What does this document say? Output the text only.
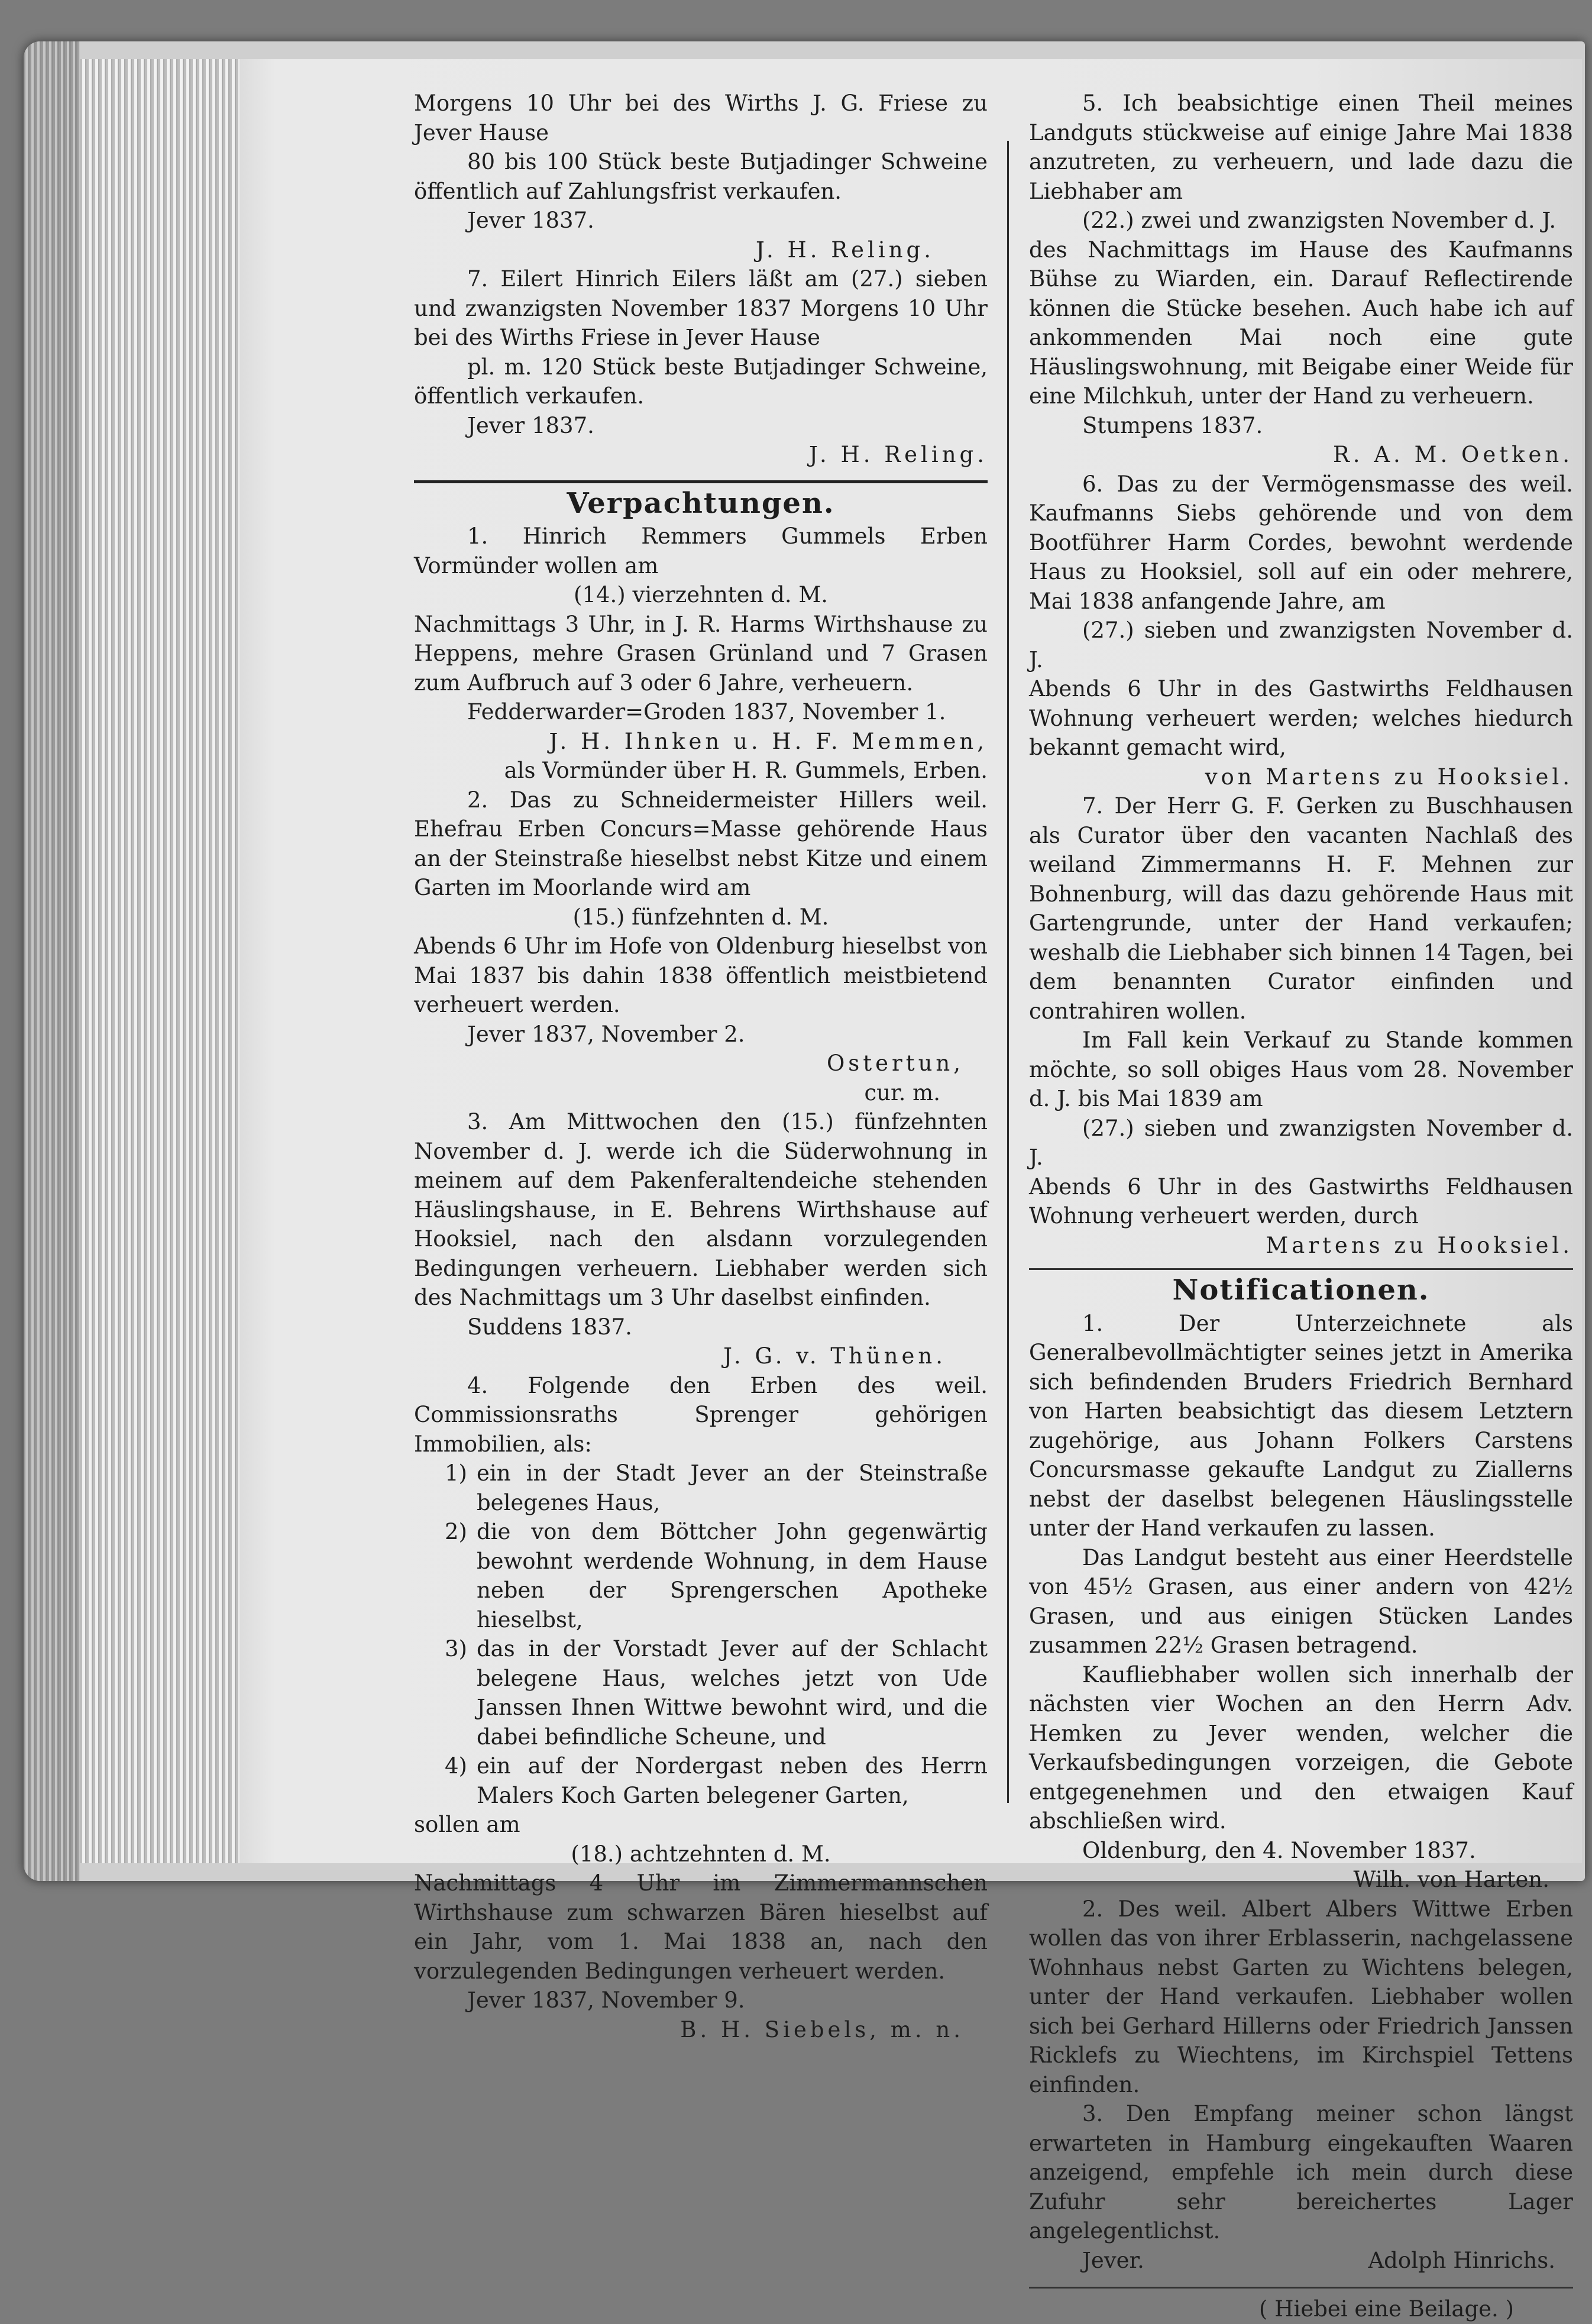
Morgens 10 Uhr bei des Wirths J. G. Friese zu Jever Hause

80 bis 100 Stück beste Butjadinger Schweine öffentlich auf Zahlungsfrist verkaufen.

Jever 1837.

J. H. Reling.

7. Eilert Hinrich Eilers läßt am (27.) sieben und zwanzigsten November 1837 Morgens 10 Uhr bei des Wirths Friese in Jever Hause

pl. m. 120 Stück beste Butjadinger Schweine, öffentlich verkaufen.

Jever 1837.

J. H. Reling.

Verpachtungen.

1. Hinrich Remmers Gummels Erben Vormünder wollen am

(14.) vierzehnten d. M.

Nachmittags 3 Uhr, in J. R. Harms Wirthshause zu Heppens, mehre Grasen Grünland und 7 Grasen zum Aufbruch auf 3 oder 6 Jahre, verheuern.

Fedderwarder=Groden 1837, November 1.

J. H. Ihnken u. H. F. Memmen,

als Vormünder über H. R. Gummels, Erben.

2. Das zu Schneidermeister Hillers weil. Ehefrau Erben Concurs=Masse gehörende Haus an der Steinstraße hieselbst nebst Kitze und einem Garten im Moorlande wird am

(15.) fünfzehnten d. M.

Abends 6 Uhr im Hofe von Oldenburg hieselbst von Mai 1837 bis dahin 1838 öffentlich meistbietend verheuert werden.

Jever 1837, November 2.

Ostertun,

cur. m.

3. Am Mittwochen den (15.) fünfzehnten November d. J. werde ich die Süderwohnung in meinem auf dem Pakenferaltendeiche stehenden Häuslingshause, in E. Behrens Wirthshause auf Hooksiel, nach den alsdann vorzulegenden Bedingungen verheuern. Liebhaber werden sich des Nachmittags um 3 Uhr daselbst einfinden.

Suddens 1837.

J. G. v. Thünen.

4. Folgende den Erben des weil. Commissionsraths Sprenger gehörigen Immobilien, als:

1) ein in der Stadt Jever an der Steinstraße belegenes Haus,
2) die von dem Böttcher John gegenwärtig bewohnt werdende Wohnung, in dem Hause neben der Sprengerschen Apotheke hieselbst,
3) das in der Vorstadt Jever auf der Schlacht belegene Haus, welches jetzt von Ude Janssen Ihnen Wittwe bewohnt wird, und die dabei befindliche Scheune, und
4) ein auf der Nordergast neben des Herrn Malers Koch Garten belegener Garten,

sollen am

(18.) achtzehnten d. M.

Nachmittags 4 Uhr im Zimmermannschen Wirthshause zum schwarzen Bären hieselbst auf ein Jahr, vom 1. Mai 1838 an, nach den vorzulegenden Bedingungen verheuert werden.

Jever 1837, November 9.

B. H. Siebels, m. n.

5. Ich beabsichtige einen Theil meines Landguts stückweise auf einige Jahre Mai 1838 anzutreten, zu verheuern, und lade dazu die Liebhaber am

(22.) zwei und zwanzigsten November d. J.

des Nachmittags im Hause des Kaufmanns Bühse zu Wiarden, ein. Darauf Reflectirende können die Stücke besehen. Auch habe ich auf ankommenden Mai noch eine gute Häuslingswohnung, mit Beigabe einer Weide für eine Milchkuh, unter der Hand zu verheuern.

Stumpens 1837.

R. A. M. Oetken.

6. Das zu der Vermögensmasse des weil. Kaufmanns Siebs gehörende und von dem Bootführer Harm Cordes, bewohnt werdende Haus zu Hooksiel, soll auf ein oder mehrere, Mai 1838 anfangende Jahre, am

(27.) sieben und zwanzigsten November d. J.

Abends 6 Uhr in des Gastwirths Feldhausen Wohnung verheuert werden; welches hiedurch bekannt gemacht wird,

von Martens zu Hooksiel.

7. Der Herr G. F. Gerken zu Buschhausen als Curator über den vacanten Nachlaß des weiland Zimmermanns H. F. Mehnen zur Bohnenburg, will das dazu gehörende Haus mit Gartengrunde, unter der Hand verkaufen; weshalb die Liebhaber sich binnen 14 Tagen, bei dem benannten Curator einfinden und contrahiren wollen.

Im Fall kein Verkauf zu Stande kommen möchte, so soll obiges Haus vom 28. November d. J. bis Mai 1839 am

(27.) sieben und zwanzigsten November d. J.

Abends 6 Uhr in des Gastwirths Feldhausen Wohnung verheuert werden, durch

Martens zu Hooksiel.

Notificationen.

1. Der Unterzeichnete als Generalbevollmächtigter seines jetzt in Amerika sich befindenden Bruders Friedrich Bernhard von Harten beabsichtigt das diesem Letztern zugehörige, aus Johann Folkers Carstens Concursmasse gekaufte Landgut zu Ziallerns nebst der daselbst belegenen Häuslingsstelle unter der Hand verkaufen zu lassen.

Das Landgut besteht aus einer Heerdstelle von 45½ Grasen, aus einer andern von 42½ Grasen, und aus einigen Stücken Landes zusammen 22½ Grasen betragend.

Kaufliebhaber wollen sich innerhalb der nächsten vier Wochen an den Herrn Adv. Hemken zu Jever wenden, welcher die Verkaufsbedingungen vorzeigen, die Gebote entgegenehmen und den etwaigen Kauf abschließen wird.

Oldenburg, den 4. November 1837.

Wilh. von Harten.

2. Des weil. Albert Albers Wittwe Erben wollen das von ihrer Erblasserin, nachgelassene Wohnhaus nebst Garten zu Wichtens belegen, unter der Hand verkaufen. Liebhaber wollen sich bei Gerhard Hillerns oder Friedrich Janssen Ricklefs zu Wiechtens, im Kirchspiel Tettens einfinden.

3. Den Empfang meiner schon längst erwarteten in Hamburg eingekauften Waaren anzeigend, empfehle ich mein durch diese Zufuhr sehr bereichertes Lager angelegentlichst.

Jever.	Adolph Hinrichs.

( Hiebei eine Beilage. )
